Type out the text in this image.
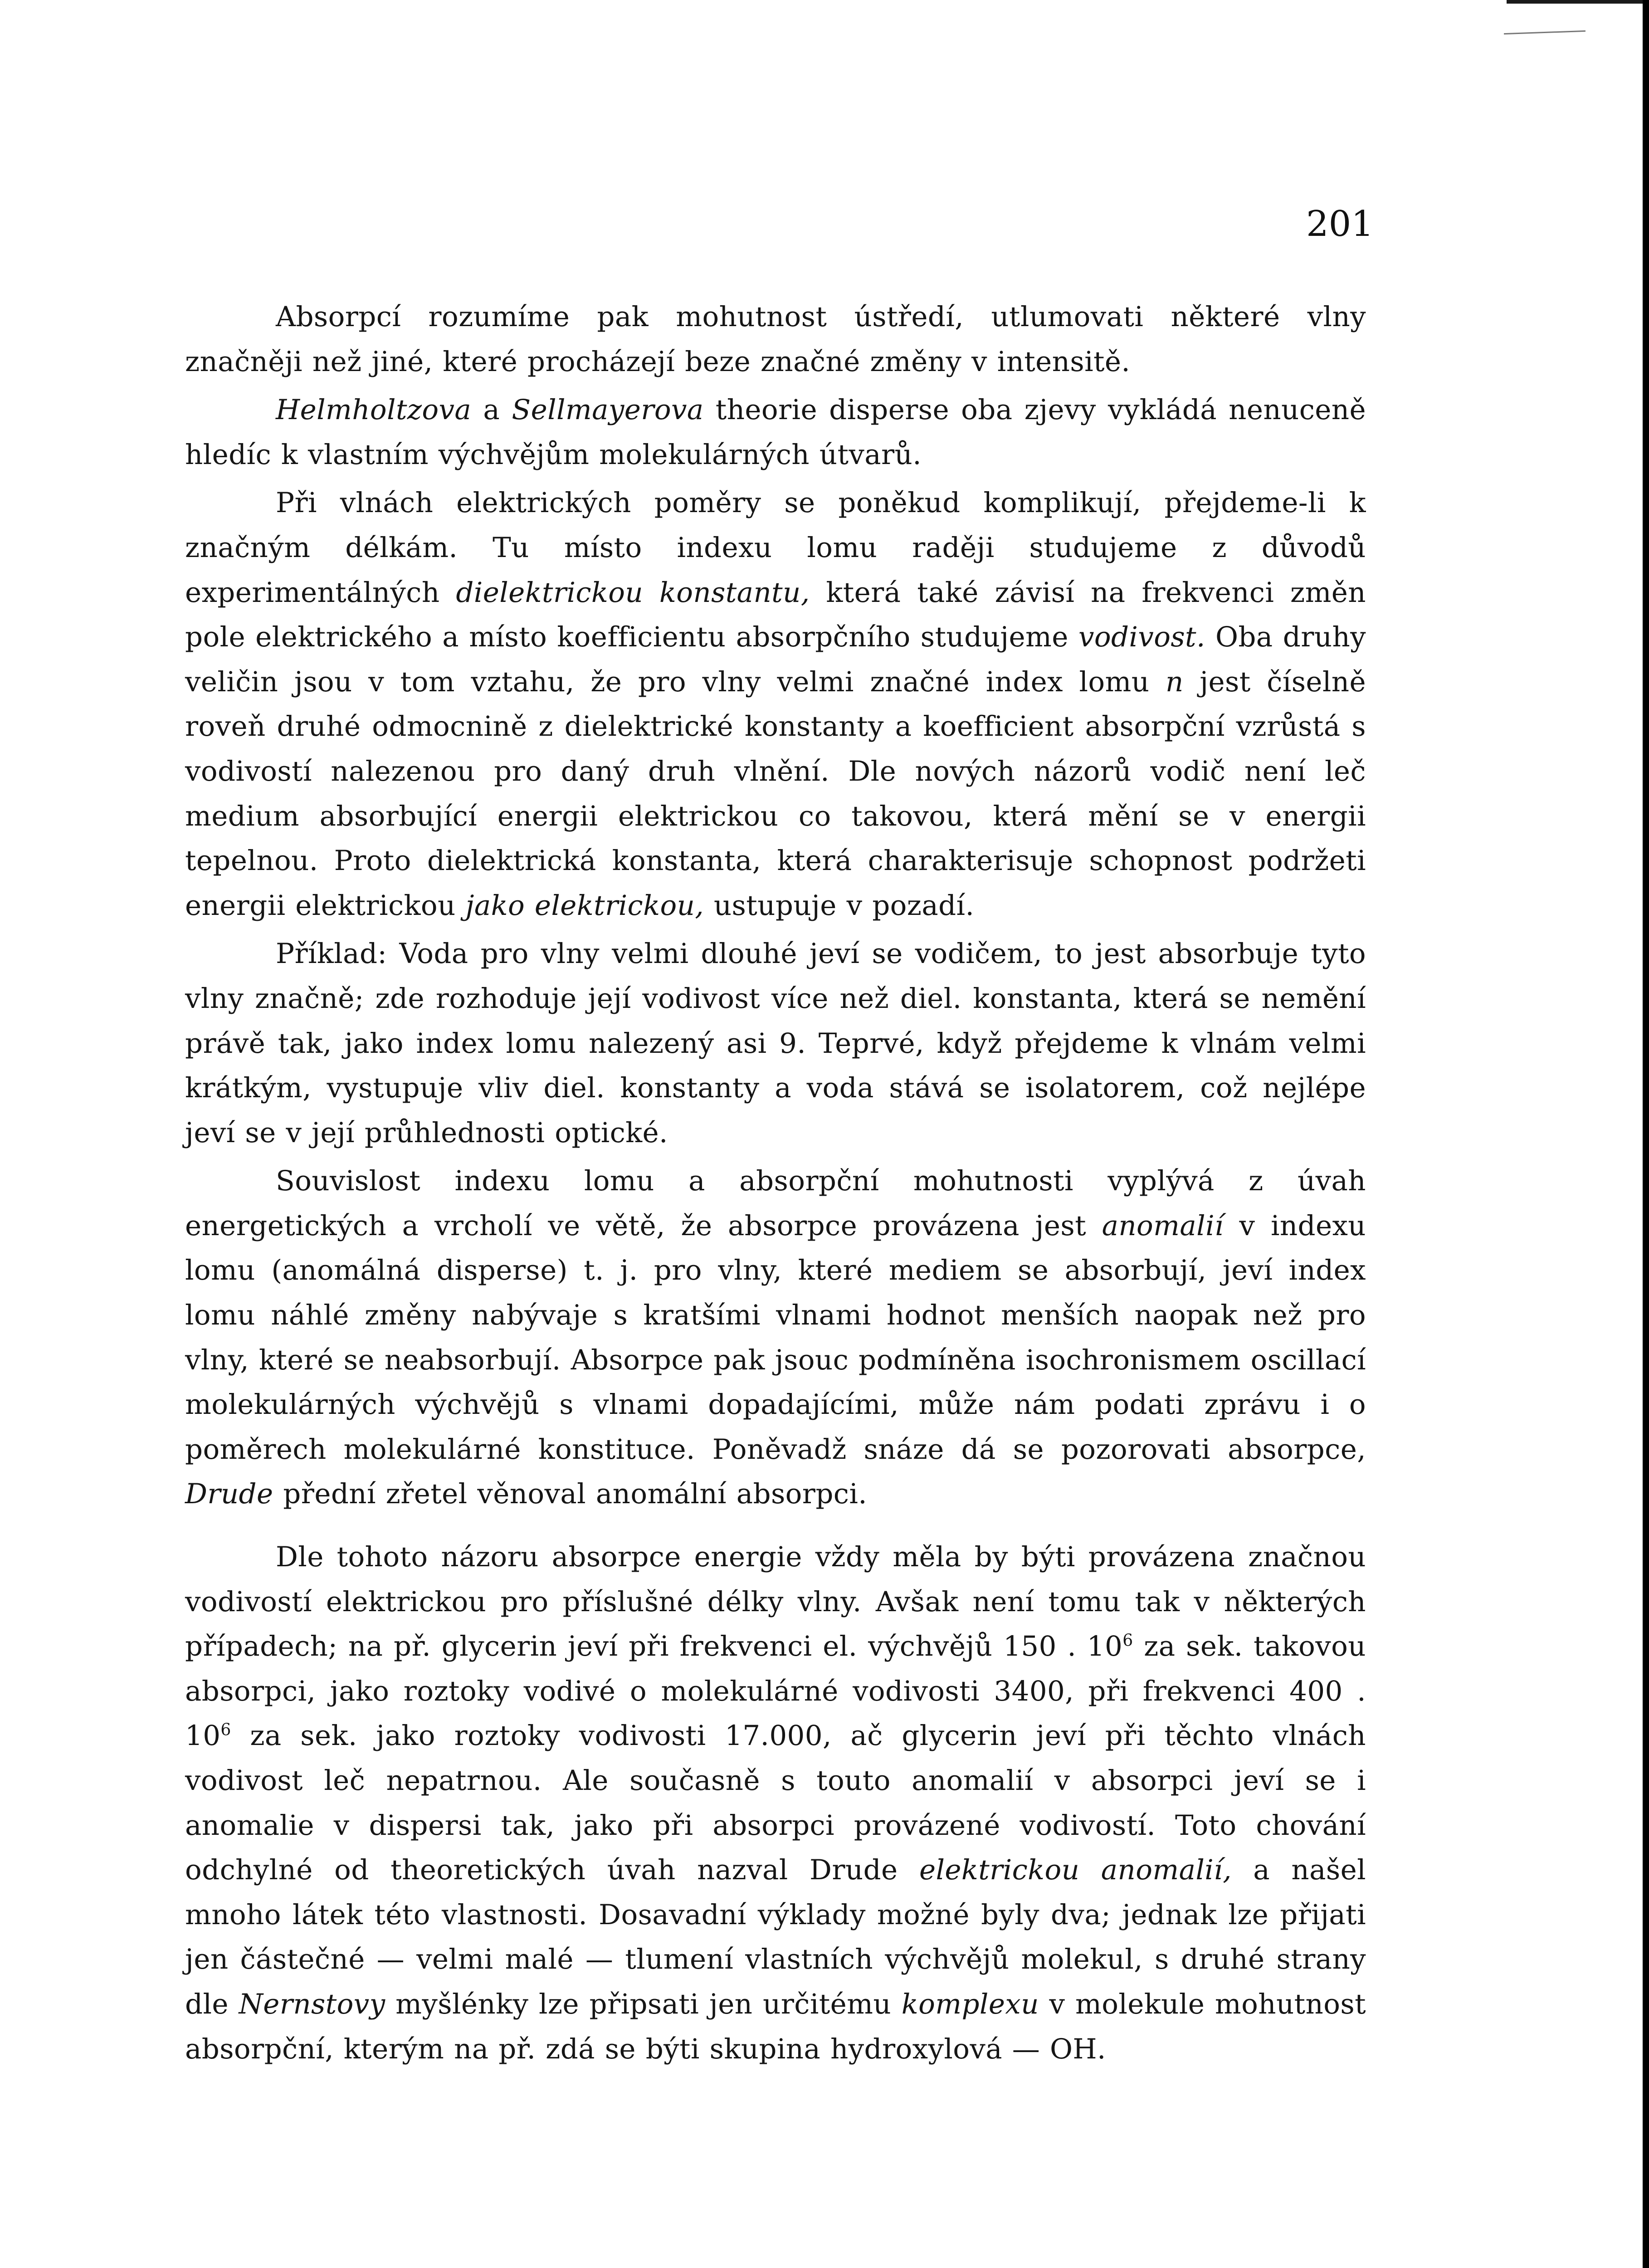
201

Absorpcí rozumíme pak mohutnost ústředí, utlumovati některé vlny značněji než jiné, které procházejí beze značné změny v intensitě.

Helmholtzova a Sellmayerova theorie disperse oba zjevy vykládá nenuceně hledíc k vlastním výchvějům molekulárných útvarů.

Při vlnách elektrických poměry se poněkud komplikují, přejdeme-li k značným délkám. Tu místo indexu lomu raději studujeme z důvodů experimentálných dielektrickou konstantu, která také závisí na frekvenci změn pole elektrického a místo koefficientu absorpčního studujeme vodivost. Oba druhy veličin jsou v tom vztahu, že pro vlny velmi značné index lomu n jest číselně roveň druhé odmocnině z dielektrické konstanty a koefficient absorpční vzrůstá s vodivostí nalezenou pro daný druh vlnění. Dle nových názorů vodič není leč medium absorbující energii elektrickou co takovou, která mění se v energii tepelnou. Proto dielektrická konstanta, která charakterisuje schopnost podržeti energii elektrickou jako elektrickou, ustupuje v pozadí.

Příklad: Voda pro vlny velmi dlouhé jeví se vodičem, to jest absorbuje tyto vlny značně; zde rozhoduje její vodivost více než diel. konstanta, která se nemění právě tak, jako index lomu nalezený asi 9. Teprvé, když přejdeme k vlnám velmi krátkým, vystupuje vliv diel. konstanty a voda stává se isolatorem, což nejlépe jeví se v její průhlednosti optické.

Souvislost indexu lomu a absorpční mohutnosti vyplývá z úvah energetických a vrcholí ve větě, že absorpce provázena jest anomalií v indexu lomu (anomálná disperse) t. j. pro vlny, které mediem se absorbují, jeví index lomu náhlé změny nabývaje s kratšími vlnami hodnot menších naopak než pro vlny, které se neabsorbují. Absorpce pak jsouc podmíněna isochronismem oscillací molekulárných výchvějů s vlnami dopadajícími, může nám podati zprávu i o poměrech molekulárné konstituce. Poněvadž snáze dá se pozorovati absorpce, Drude přední zřetel věnoval anomální absorpci.

Dle tohoto názoru absorpce energie vždy měla by býti provázena značnou vodivostí elektrickou pro příslušné délky vlny. Avšak není tomu tak v některých případech; na př. glycerin jeví při frekvenci el. výchvějů 150 . $10^6$ za sek. takovou absorpci, jako roztoky vodivé o molekulárné vodivosti 3400, při frekvenci 400 . $10^6$ za sek. jako roztoky vodivosti 17.000, ač glycerin jeví při těchto vlnách vodivost leč nepatrnou. Ale současně s touto anomalií v absorpci jeví se i anomalie v dispersi tak, jako při absorpci provázené vodivostí. Toto chování odchylné od theoretických úvah nazval Drude elektrickou anomalií, a našel mnoho látek této vlastnosti. Dosavadní výklady možné byly dva; jednak lze přijati jen částečné — velmi malé — tlumení vlastních výchvějů molekul, s druhé strany dle Nernstovy myšlénky lze připsati jen určitému komplexu v molekule mohutnost absorpční, kterým na př. zdá se býti skupina hydroxylová — OH.
